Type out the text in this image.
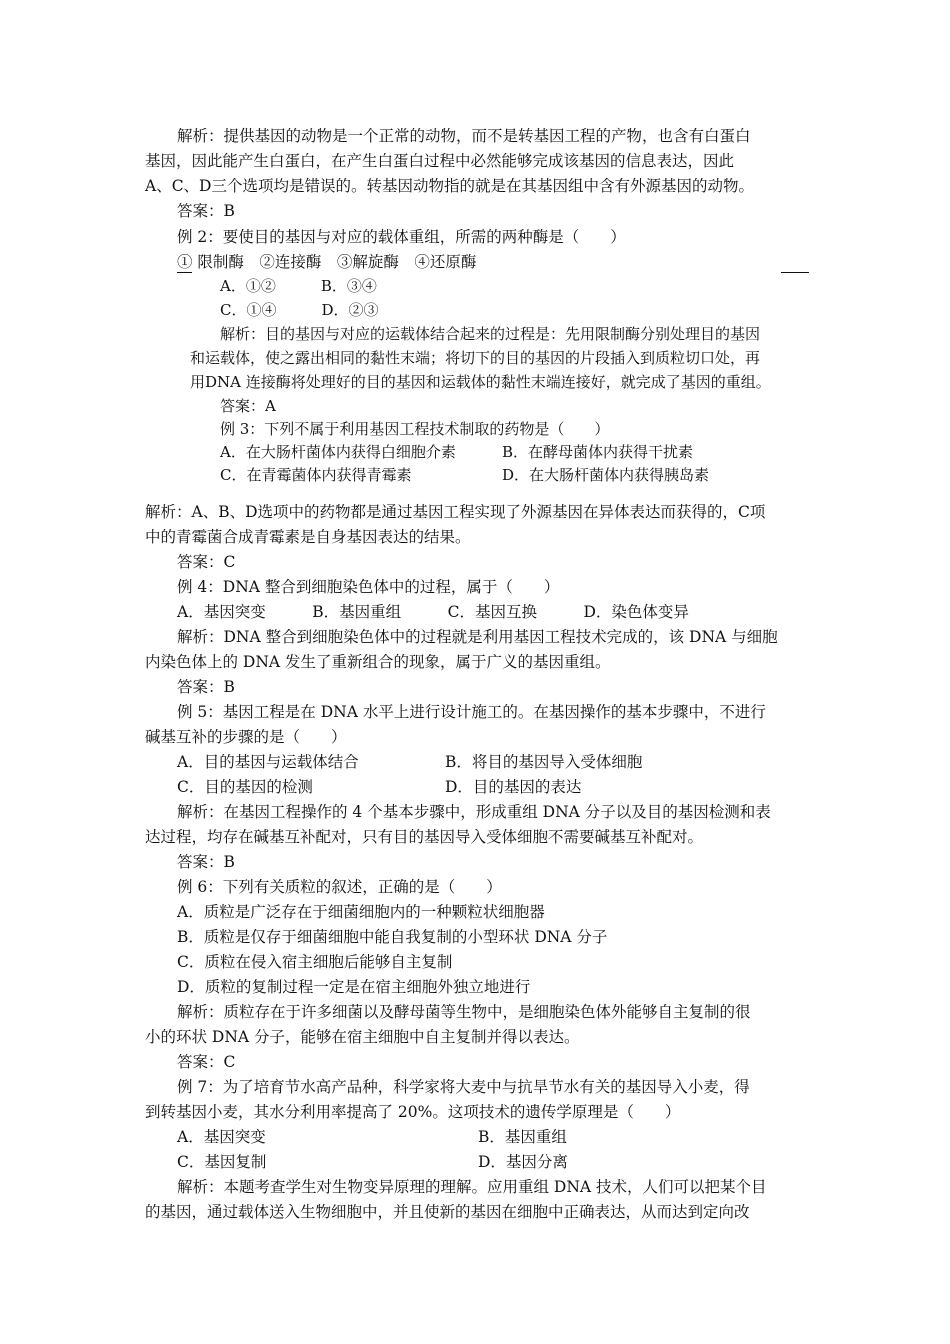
解析：提供基因的动物是一个正常的动物，而不是转基因工程的产物，也含有白蛋白
基因，因此能产生白蛋白，在产生白蛋白过程中必然能够完成该基因的信息表达，因此
A、C、D三个选项均是错误的。转基因动物指的就是在其基因组中含有外源基因的动物。
答案：B
例 2：要使目的基因与对应的载体重组，所需的两种酶是（　　）
① 限制酶　②连接酶　③解旋酶　④还原酶
A．①②　　　B．③④
C．①④　　　D．②③
解析：目的基因与对应的运载体结合起来的过程是：先用限制酶分别处理目的基因
和运载体，使之露出相同的黏性末端；将切下的目的基因的片段插入到质粒切口处，再
用DNA 连接酶将处理好的目的基因和运载体的黏性末端连接好，就完成了基因的重组。
答案：A
例 3：下列不属于利用基因工程技术制取的药物是（　　）
A．在大肠杆菌体内获得白细胞介素	B．在酵母菌体内获得干扰素
C．在青霉菌体内获得青霉素	D．在大肠杆菌体内获得胰岛素
解析：A、B、D选项中的药物都是通过基因工程实现了外源基因在异体表达而获得的，C项
中的青霉菌合成青霉素是自身基因表达的结果。
答案：C
例 4：DNA 整合到细胞染色体中的过程，属于（　　）
A．基因突变　　　B．基因重组　　　C．基因互换　　　D．染色体变异
解析：DNA 整合到细胞染色体中的过程就是利用基因工程技术完成的，该 DNA 与细胞
内染色体上的 DNA 发生了重新组合的现象，属于广义的基因重组。
答案：B
例 5：基因工程是在 DNA 水平上进行设计施工的。在基因操作的基本步骤中，不进行
碱基互补的步骤的是（　　）
A．目的基因与运载体结合	B．将目的基因导入受体细胞
C．目的基因的检测	D．目的基因的表达
解析：在基因工程操作的 4 个基本步骤中，形成重组 DNA 分子以及目的基因检测和表
达过程，均存在碱基互补配对，只有目的基因导入受体细胞不需要碱基互补配对。
答案：B
例 6：下列有关质粒的叙述，正确的是（　　）
A．质粒是广泛存在于细菌细胞内的一种颗粒状细胞器
B．质粒是仅存于细菌细胞中能自我复制的小型环状 DNA 分子
C．质粒在侵入宿主细胞后能够自主复制
D．质粒的复制过程一定是在宿主细胞外独立地进行
解析：质粒存在于许多细菌以及酵母菌等生物中，是细胞染色体外能够自主复制的很
小的环状 DNA 分子，能够在宿主细胞中自主复制并得以表达。
答案：C
例 7：为了培育节水高产品种，科学家将大麦中与抗旱节水有关的基因导入小麦，得
到转基因小麦，其水分利用率提高了 20%。这项技术的遗传学原理是（　　）
A．基因突变	B．基因重组
C．基因复制	D．基因分离
解析：本题考查学生对生物变异原理的理解。应用重组 DNA 技术，人们可以把某个目
的基因，通过载体送入生物细胞中，并且使新的基因在细胞中正确表达，从而达到定向改
